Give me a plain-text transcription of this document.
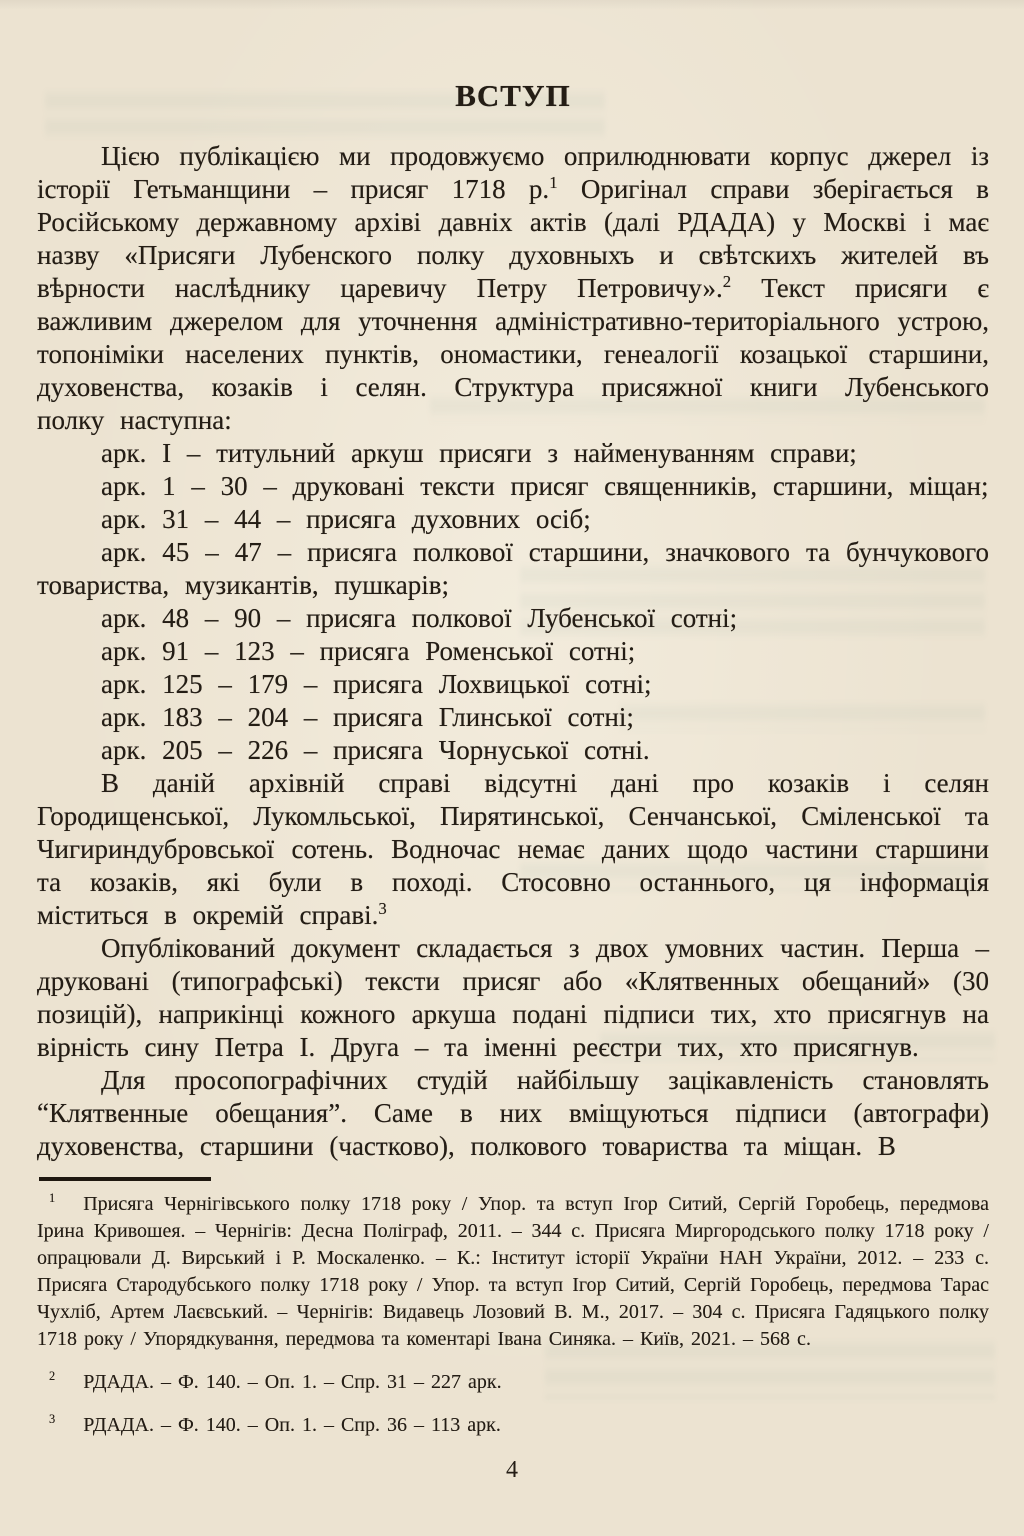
ВСТУП

Цією публікацією ми продовжуємо оприлюднювати корпус джерел із історії Гетьманщини – присяг 1718 р.$^1$ Оригінал справи зберігається в Російському державному архіві давніх актів (далі РДАДА) у Москві і має назву «Присяги Лубенского полку духовныхъ и свѣтскихъ жителей въ вѣрности наслѣднику царевичу Петру Петровичу».$^2$ Текст присяги є важливим джерелом для уточнення адміністративно-територіального устрою, топоніміки населених пунктів, ономастики, генеалогії козацької старшини, духовенства, козаків і селян. Структура присяжної книги Лубенського полку наступна:

арк. I – титульний аркуш присяги з найменуванням справи;

арк. 1 – 30 – друковані тексти присяг священників, старшини, міщан;

арк. 31 – 44 – присяга духовних осіб;

арк. 45 – 47 – присяга полкової старшини, значкового та бунчукового товариства, музикантів, пушкарів;

арк. 48 – 90 – присяга полкової Лубенської сотні;

арк. 91 – 123 – присяга Роменської сотні;

арк. 125 – 179 – присяга Лохвицької сотні;

арк. 183 – 204 – присяга Глинської сотні;

арк. 205 – 226 – присяга Чорнуської сотні.

В даній архівній справі відсутні дані про козаків і селян Городищенської, Лукомльської, Пирятинської, Сенчанської, Сміленської та Чигириндубровської сотень. Водночас немає даних щодо частини старшини та козаків, які були в поході. Стосовно останнього, ця інформація міститься в окремій справі.$^3$

Опублікований документ складається з двох умовних частин. Перша – друковані (типографські) тексти присяг або «Клятвенных обещаний» (30 позицій), наприкінці кожного аркуша подані підписи тих, хто присягнув на вірність сину Петра І. Друга – та іменні реєстри тих, хто присягнув.

Для просопографічних студій найбільшу зацікавленість становлять “Клятвенные обещания”. Саме в них вміщуються підписи (автографи) духовенства, старшини (частково), полкового товариства та міщан. В

$^1$ Присяга Чернігівського полку 1718 року / Упор. та вступ Ігор Ситий, Сергій Горобець, передмова Ірина Кривошея. – Чернігів: Десна Поліграф, 2011. – 344 с. Присяга Миргородського полку 1718 року / опрацювали Д. Вирський і Р. Москаленко. – К.: Інститут історії України НАН України, 2012. – 233 с. Присяга Стародубського полку 1718 року / Упор. та вступ Ігор Ситий, Сергій Горобець, передмова Тарас Чухліб, Артем Лаєвський. – Чернігів: Видавець Лозовий В. М., 2017. – 304 с. Присяга Гадяцького полку 1718 року / Упорядкування, передмова та коментарі Івана Синяка. – Київ, 2021. – 568 с.

$^2$ РДАДА. – Ф. 140. – Оп. 1. – Спр. 31 – 227 арк.

$^3$ РДАДА. – Ф. 140. – Оп. 1. – Спр. 36 – 113 арк.

4
